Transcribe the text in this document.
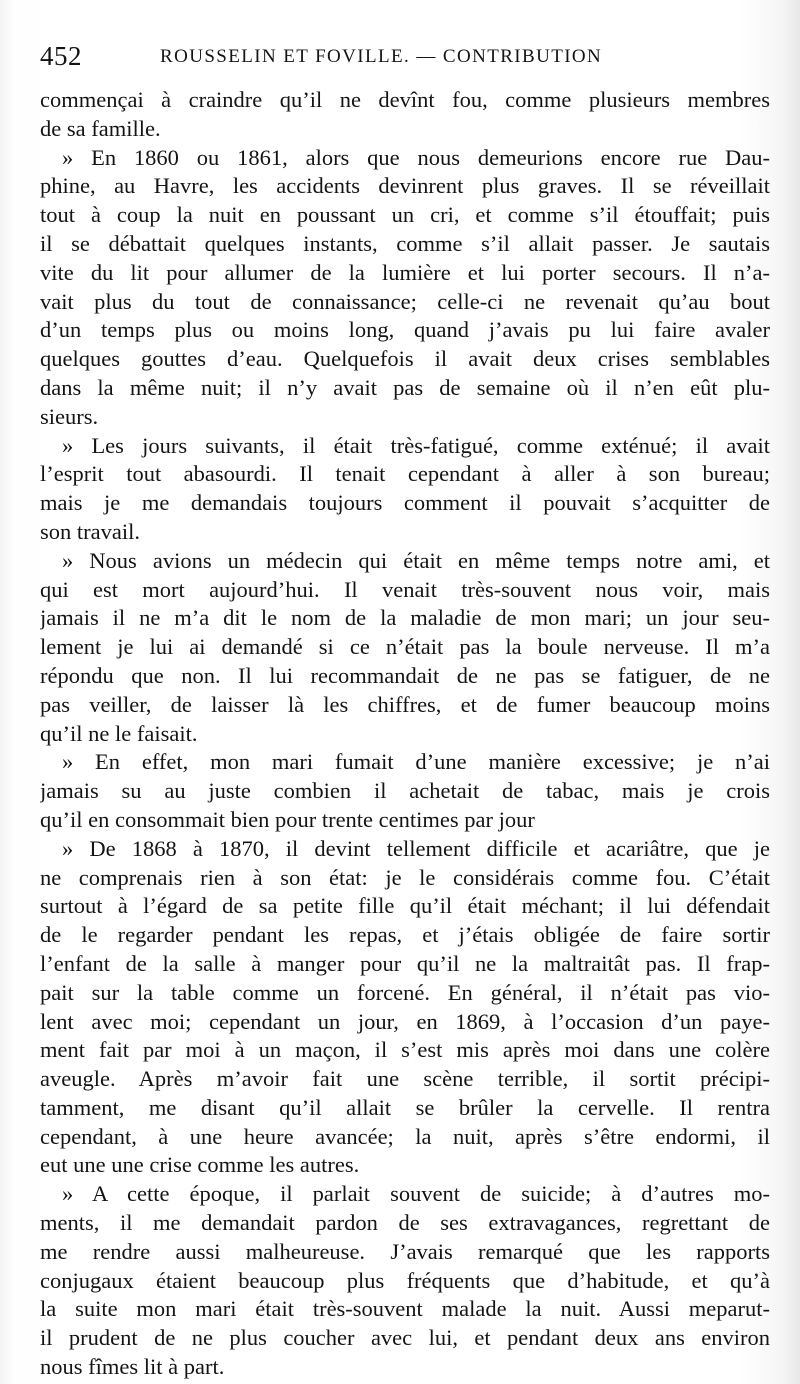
452	ROUSSELIN ET FOVILLE. — CONTRIBUTION
commençai à craindre qu’il ne devînt fou, comme plusieurs membres
de sa famille.
» En 1860 ou 1861, alors que nous demeurions encore rue Dau-
phine, au Havre, les accidents devinrent plus graves. Il se réveillait
tout à coup la nuit en poussant un cri, et comme s’il étouffait; puis
il se débattait quelques instants, comme s’il allait passer. Je sautais
vite du lit pour allumer de la lumière et lui porter secours. Il n’a-
vait plus du tout de connaissance; celle-ci ne revenait qu’au bout
d’un temps plus ou moins long, quand j’avais pu lui faire avaler
quelques gouttes d’eau. Quelquefois il avait deux crises semblables
dans la même nuit; il n’y avait pas de semaine où il n’en eût plu-
sieurs.
» Les jours suivants, il était très-fatigué, comme exténué; il avait
l’esprit tout abasourdi. Il tenait cependant à aller à son bureau;
mais je me demandais toujours comment il pouvait s’acquitter de
son travail.
» Nous avions un médecin qui était en même temps notre ami, et
qui est mort aujourd’hui. Il venait très-souvent nous voir, mais
jamais il ne m’a dit le nom de la maladie de mon mari; un jour seu-
lement je lui ai demandé si ce n’était pas la boule nerveuse. Il m’a
répondu que non. Il lui recommandait de ne pas se fatiguer, de ne
pas veiller, de laisser là les chiffres, et de fumer beaucoup moins
qu’il ne le faisait.
» En effet, mon mari fumait d’une manière excessive; je n’ai
jamais su au juste combien il achetait de tabac, mais je crois
qu’il en consommait bien pour trente centimes par jour
» De 1868 à 1870, il devint tellement difficile et acariâtre, que je
ne comprenais rien à son état: je le considérais comme fou. C’était
surtout à l’égard de sa petite fille qu’il était méchant; il lui défendait
de le regarder pendant les repas, et j’étais obligée de faire sortir
l’enfant de la salle à manger pour qu’il ne la maltraitât pas. Il frap-
pait sur la table comme un forcené. En général, il n’était pas vio-
lent avec moi; cependant un jour, en 1869, à l’occasion d’un paye-
ment fait par moi à un maçon, il s’est mis après moi dans une colère
aveugle. Après m’avoir fait une scène terrible, il sortit précipi-
tamment, me disant qu’il allait se brûler la cervelle. Il rentra
cependant, à une heure avancée; la nuit, après s’être endormi, il
eut une une crise comme les autres.
» A cette époque, il parlait souvent de suicide; à d’autres mo-
ments, il me demandait pardon de ses extravagances, regrettant de
me rendre aussi malheureuse. J’avais remarqué que les rapports
conjugaux étaient beaucoup plus fréquents que d’habitude, et qu’à
la suite mon mari était très-souvent malade la nuit. Aussi meparut-
il prudent de ne plus coucher avec lui, et pendant deux ans environ
nous fîmes lit à part.
